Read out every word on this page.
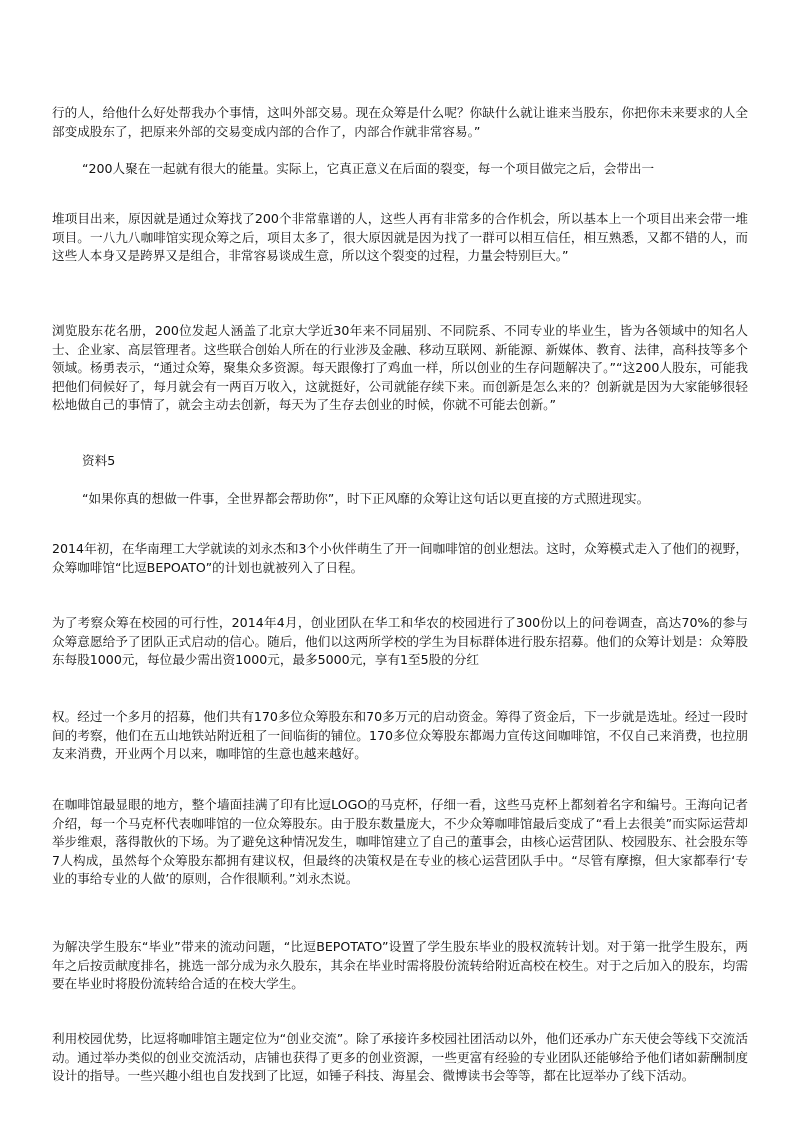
行的人，给他什么好处帮我办个事情，这叫外部交易。现在众筹是什么呢？你缺什么就让谁来当股东，你把你未来要求的人全部变成股东了，把原来外部的交易变成内部的合作了，内部合作就非常容易。”

“200人聚在一起就有很大的能量。实际上，它真正意义在后面的裂变，每一个项目做完之后，会带出一

堆项目出来，原因就是通过众筹找了200个非常靠谱的人，这些人再有非常多的合作机会，所以基本上一个项目出来会带一堆项目。一八九八咖啡馆实现众筹之后，项目太多了，很大原因就是因为找了一群可以相互信任，相互熟悉，又都不错的人，而这些人本身又是跨界又是组合，非常容易谈成生意，所以这个裂变的过程，力量会特别巨大。”

浏览股东花名册，200位发起人涵盖了北京大学近30年来不同届别、不同院系、不同专业的毕业生，皆为各领域中的知名人士、企业家、高层管理者。这些联合创始人所在的行业涉及金融、移动互联网、新能源、新媒体、教育、法律，高科技等多个领域。杨勇表示，“通过众筹，聚集众多资源。每天跟像打了鸡血一样，所以创业的生存问题解决了。”“这200人股东，可能我把他们伺候好了，每月就会有一两百万收入，这就挺好，公司就能存续下来。而创新是怎么来的？创新就是因为大家能够很轻松地做自己的事情了，就会主动去创新，每天为了生存去创业的时候，你就不可能去创新。”

资料5

“如果你真的想做一件事，全世界都会帮助你”，时下正风靡的众筹让这句话以更直接的方式照进现实。

2014年初，在华南理工大学就读的刘永杰和3个小伙伴萌生了开一间咖啡馆的创业想法。这时，众筹模式走入了他们的视野，众筹咖啡馆“比逗BEPOATO”的计划也就被列入了日程。

为了考察众筹在校园的可行性，2014年4月，创业团队在华工和华农的校园进行了300份以上的问卷调查，高达70%的参与众筹意愿给予了团队正式启动的信心。随后，他们以这两所学校的学生为目标群体进行股东招募。他们的众筹计划是：众筹股东每股1000元，每位最少需出资1000元，最多5000元，享有1至5股的分红

权。经过一个多月的招募，他们共有170多位众筹股东和70多万元的启动资金。筹得了资金后，下一步就是选址。经过一段时间的考察，他们在五山地铁站附近租了一间临街的铺位。170多位众筹股东都竭力宣传这间咖啡馆，不仅自己来消费，也拉朋友来消费，开业两个月以来，咖啡馆的生意也越来越好。

在咖啡馆最显眼的地方，整个墙面挂满了印有比逗LOGO的马克杯，仔细一看，这些马克杯上都刻着名字和编号。王海向记者介绍，每一个马克杯代表咖啡馆的一位众筹股东。由于股东数量庞大，不少众筹咖啡馆最后变成了“看上去很美”而实际运营却举步维艰，落得散伙的下场。为了避免这种情况发生，咖啡馆建立了自己的董事会，由核心运营团队、校园股东、社会股东等7人构成，虽然每个众筹股东都拥有建议权，但最终的决策权是在专业的核心运营团队手中。“尽管有摩擦，但大家都奉行‘专业的事给专业的人做’的原则，合作很顺利。”刘永杰说。

为解决学生股东“毕业”带来的流动问题，“比逗BEPOTATO”设置了学生股东毕业的股权流转计划。对于第一批学生股东，两年之后按贡献度排名，挑选一部分成为永久股东，其余在毕业时需将股份流转给附近高校在校生。对于之后加入的股东，均需要在毕业时将股份流转给合适的在校大学生。

利用校园优势，比逗将咖啡馆主题定位为“创业交流”。除了承接许多校园社团活动以外，他们还承办广东天使会等线下交流活动。通过举办类似的创业交流活动，店铺也获得了更多的创业资源，一些更富有经验的专业团队还能够给予他们诸如薪酬制度设计的指导。一些兴趣小组也自发找到了比逗，如锤子科技、海星会、微博读书会等等，都在比逗举办了线下活动。
